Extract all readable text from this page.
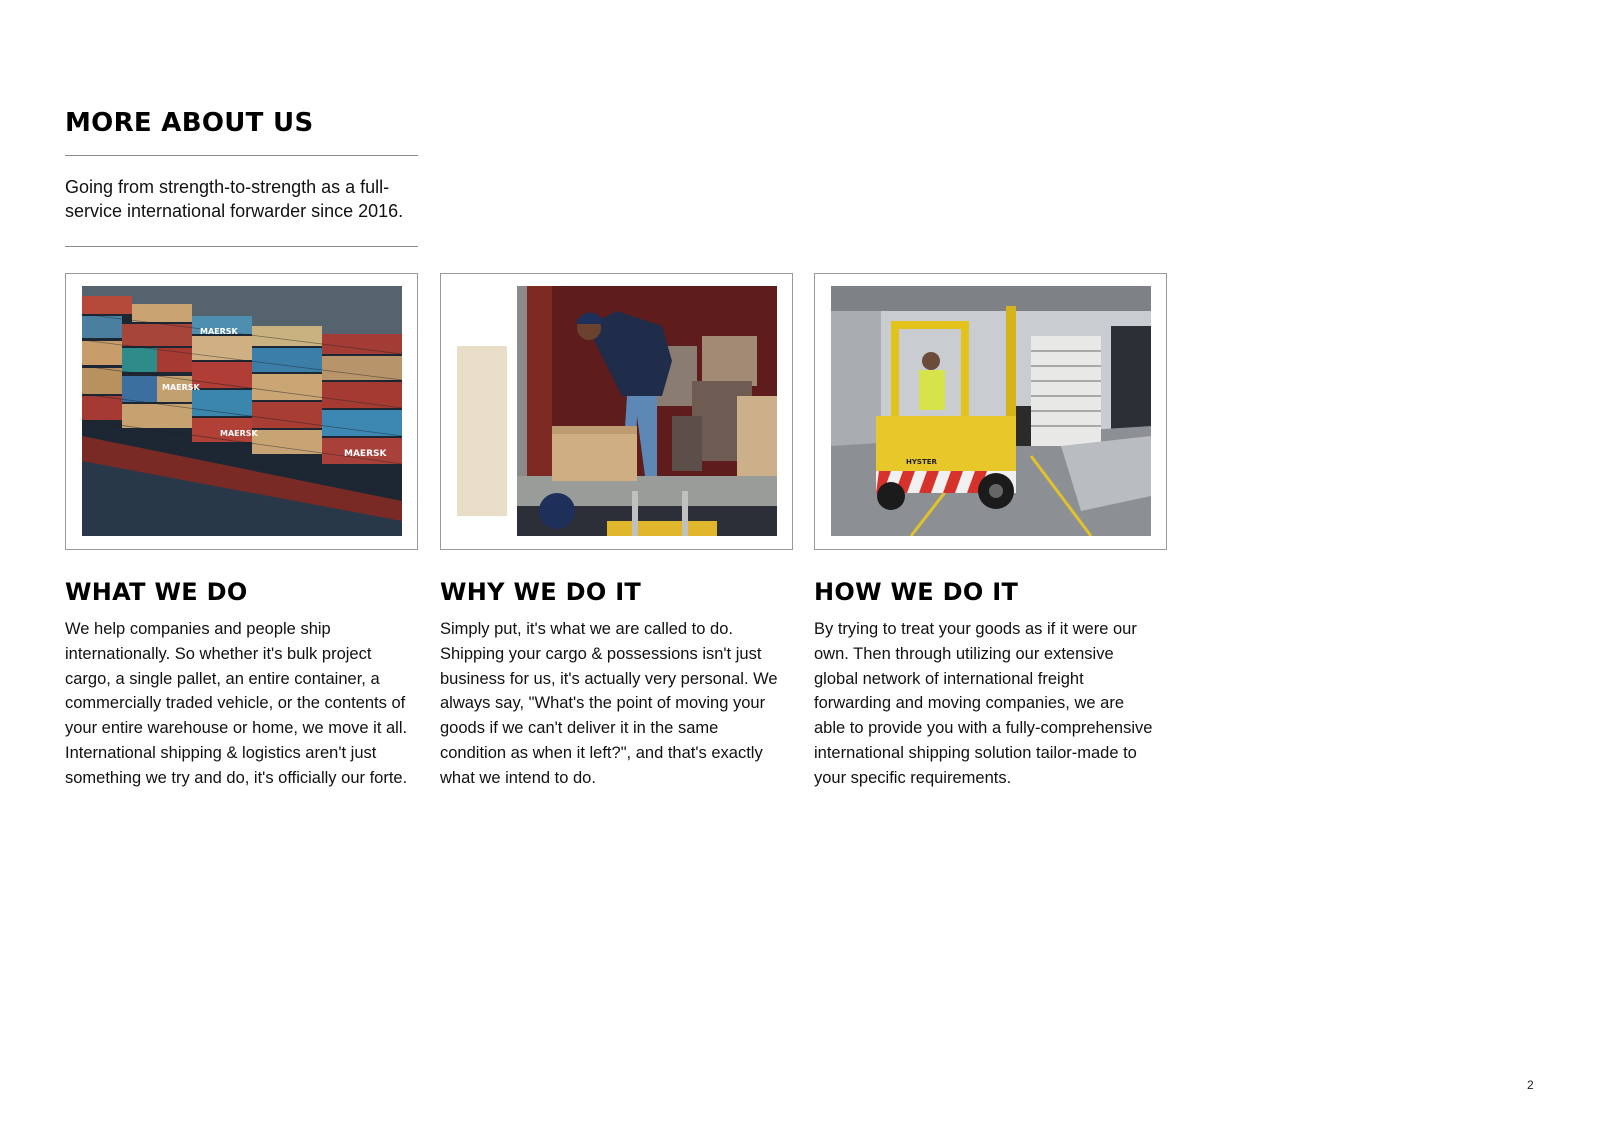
MORE ABOUT US

Going from strength-to-strength as a full-service international forwarder since 2016.

MAERSK
MAERSK
MAERSK
MAERSK
HYSTER
WHAT WE DO

We help companies and people ship internationally. So whether it's bulk project cargo, a single pallet, an entire container, a commercially traded vehicle, or the contents of your entire warehouse or home, we move it all. International shipping & logistics aren't just something we try and do, it's officially our forte.

WHY WE DO IT

Simply put, it's what we are called to do. Shipping your cargo & possessions isn't just business for us, it's actually very personal. We always say, "What's the point of moving your goods if we can't deliver it in the same condition as when it left?", and that's exactly what we intend to do.

HOW WE DO IT

By trying to treat your goods as if it were our own. Then through utilizing our extensive global network of international freight forwarding and moving companies, we are able to provide you with a fully-comprehensive international shipping solution tailor-made to your specific requirements.

2
